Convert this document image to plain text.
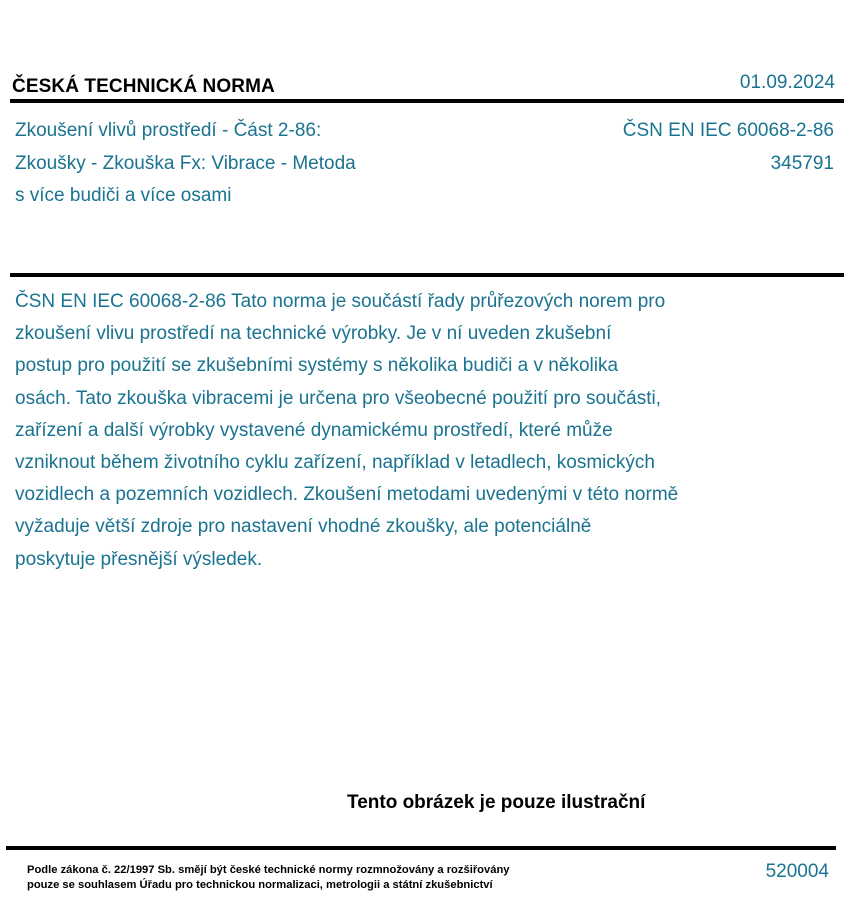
ČESKÁ TECHNICKÁ NORMA	01.09.2024
Zkoušení vlivů prostředí - Část 2-86:
Zkoušky - Zkouška Fx: Vibrace - Metoda
s více budiči a více osami
ČSN EN IEC 60068-2-86
345791
ČSN EN IEC 60068-2-86 Tato norma je součástí řady průřezových norem pro
zkoušení vlivu prostředí na technické výrobky. Je v ní uveden zkušební
postup pro použití se zkušebními systémy s několika budiči a v několika
osách. Tato zkouška vibracemi je určena pro všeobecné použití pro součásti,
zařízení a další výrobky vystavené dynamickému prostředí, které může
vzniknout během životního cyklu zařízení, například v letadlech, kosmických
vozidlech a pozemních vozidlech. Zkoušení metodami uvedenými v této normě
vyžaduje větší zdroje pro nastavení vhodné zkoušky, ale potenciálně
poskytuje přesnější výsledek.
Tento obrázek je pouze ilustrační
Podle zákona č. 22/1997 Sb. smějí být české technické normy rozmnožovány a rozšiřovány
pouze se souhlasem Úřadu pro technickou normalizaci, metrologii a státní zkušebnictví
520004
